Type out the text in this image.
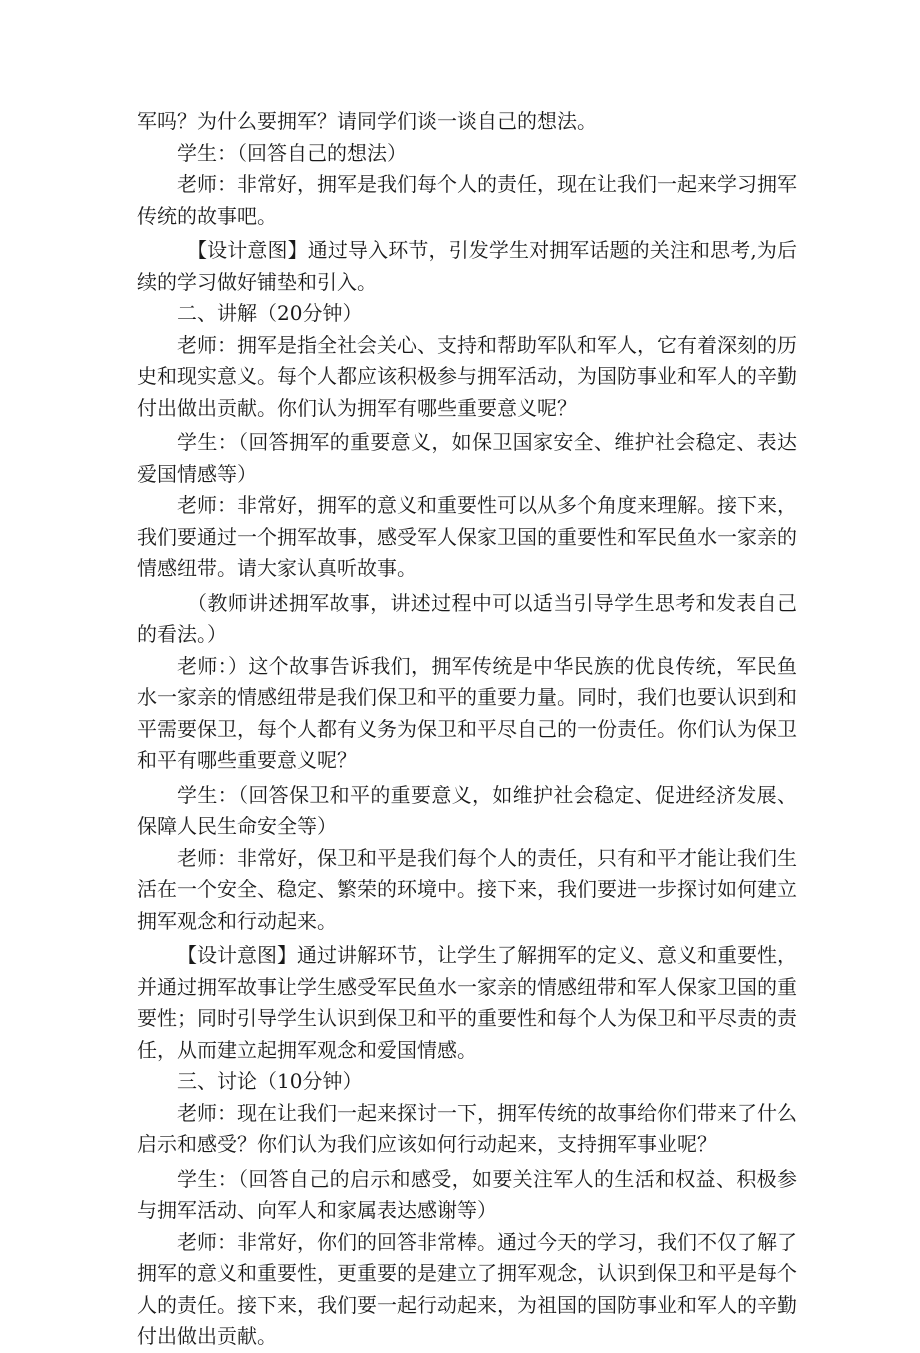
军吗？为什么要拥军？请同学们谈一谈自己的想法。

学生：（回答自己的想法）

老师：非常好，拥军是我们每个人的责任，现在让我们一起来学习拥军传统的故事吧。

【设计意图】通过导入环节，引发学生对拥军话题的关注和思考,为后续的学习做好铺垫和引入。

二、讲解（20分钟）

老师：拥军是指全社会关心、支持和帮助军队和军人，它有着深刻的历史和现实意义。每个人都应该积极参与拥军活动，为国防事业和军人的辛勤付出做出贡献。你们认为拥军有哪些重要意义呢？

学生：（回答拥军的重要意义，如保卫国家安全、维护社会稳定、表达爱国情感等）

老师：非常好，拥军的意义和重要性可以从多个角度来理解。接下来，我们要通过一个拥军故事，感受军人保家卫国的重要性和军民鱼水一家亲的情感纽带。请大家认真听故事。

（教师讲述拥军故事，讲述过程中可以适当引导学生思考和发表自己的看法。）

老师：）这个故事告诉我们，拥军传统是中华民族的优良传统，军民鱼水一家亲的情感纽带是我们保卫和平的重要力量。同时，我们也要认识到和平需要保卫，每个人都有义务为保卫和平尽自己的一份责任。你们认为保卫和平有哪些重要意义呢？

学生：（回答保卫和平的重要意义，如维护社会稳定、促进经济发展、保障人民生命安全等）

老师：非常好，保卫和平是我们每个人的责任，只有和平才能让我们生活在一个安全、稳定、繁荣的环境中。接下来，我们要进一步探讨如何建立拥军观念和行动起来。

【设计意图】通过讲解环节，让学生了解拥军的定义、意义和重要性，并通过拥军故事让学生感受军民鱼水一家亲的情感纽带和军人保家卫国的重要性；同时引导学生认识到保卫和平的重要性和每个人为保卫和平尽责的责任，从而建立起拥军观念和爱国情感。

三、讨论（10分钟）

老师：现在让我们一起来探讨一下，拥军传统的故事给你们带来了什么启示和感受？你们认为我们应该如何行动起来，支持拥军事业呢？

学生：（回答自己的启示和感受，如要关注军人的生活和权益、积极参与拥军活动、向军人和家属表达感谢等）

老师：非常好，你们的回答非常棒。通过今天的学习，我们不仅了解了拥军的意义和重要性，更重要的是建立了拥军观念，认识到保卫和平是每个人的责任。接下来，我们要一起行动起来，为祖国的国防事业和军人的辛勤付出做出贡献。
